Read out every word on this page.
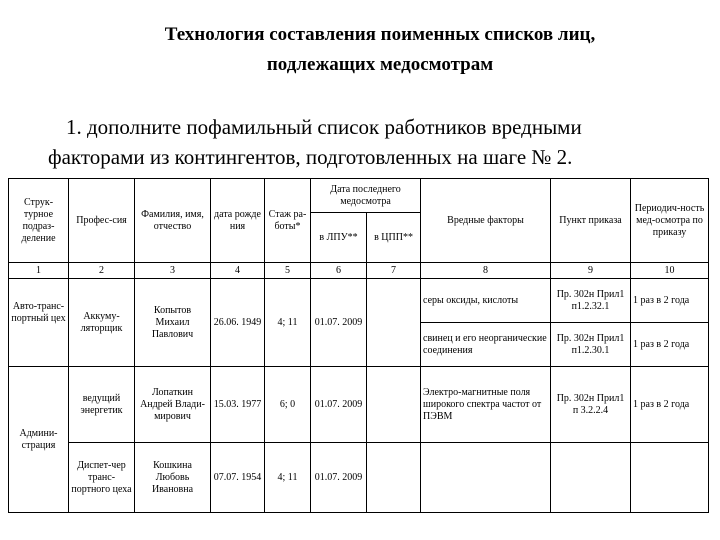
Технология составления поименных списков лиц,
подлежащих медосмотрам
1. дополните пофамильный список работников вредными
факторами из контингентов, подготовленных на шаге № 2.
Струк-турное подраз-деление	Профес-сия	Фамилия, имя, отчество	дата рожде ния	Стаж ра-боты*	Дата последнего медосмотра		Вредные факторы	Пункт приказа	Периодич-ность мед-осмотра по приказу
					в ЛПУ**	в ЦПП**			
1	2	3	4	5	6	7	8	9	10
Авто-транс-портный цех	Аккуму-ляторщик	Копытов Михаил Павлович	26.06. 1949	4; 11	01.07. 2009		серы оксиды, кислоты	Пр. 302н Прил1 п1.2.32.1	1 раз в 2 года
							свинец и его неорганические соединения	Пр. 302н Прил1 п1.2.30.1	1 раз в 2 года
Админи-страция	ведущий энергетик	Лопаткин Андрей Влади-мирович	15.03. 1977	6; 0	01.07. 2009		Электро-магнитные поля широкого спектра частот от ПЭВМ	Пр. 302н Прил1 п 3.2.2.4	1 раз в 2 года
	Диспет-чер транс-портного цеха	Кошкина Любовь Ивановна	07.07. 1954	4; 11	01.07. 2009				
